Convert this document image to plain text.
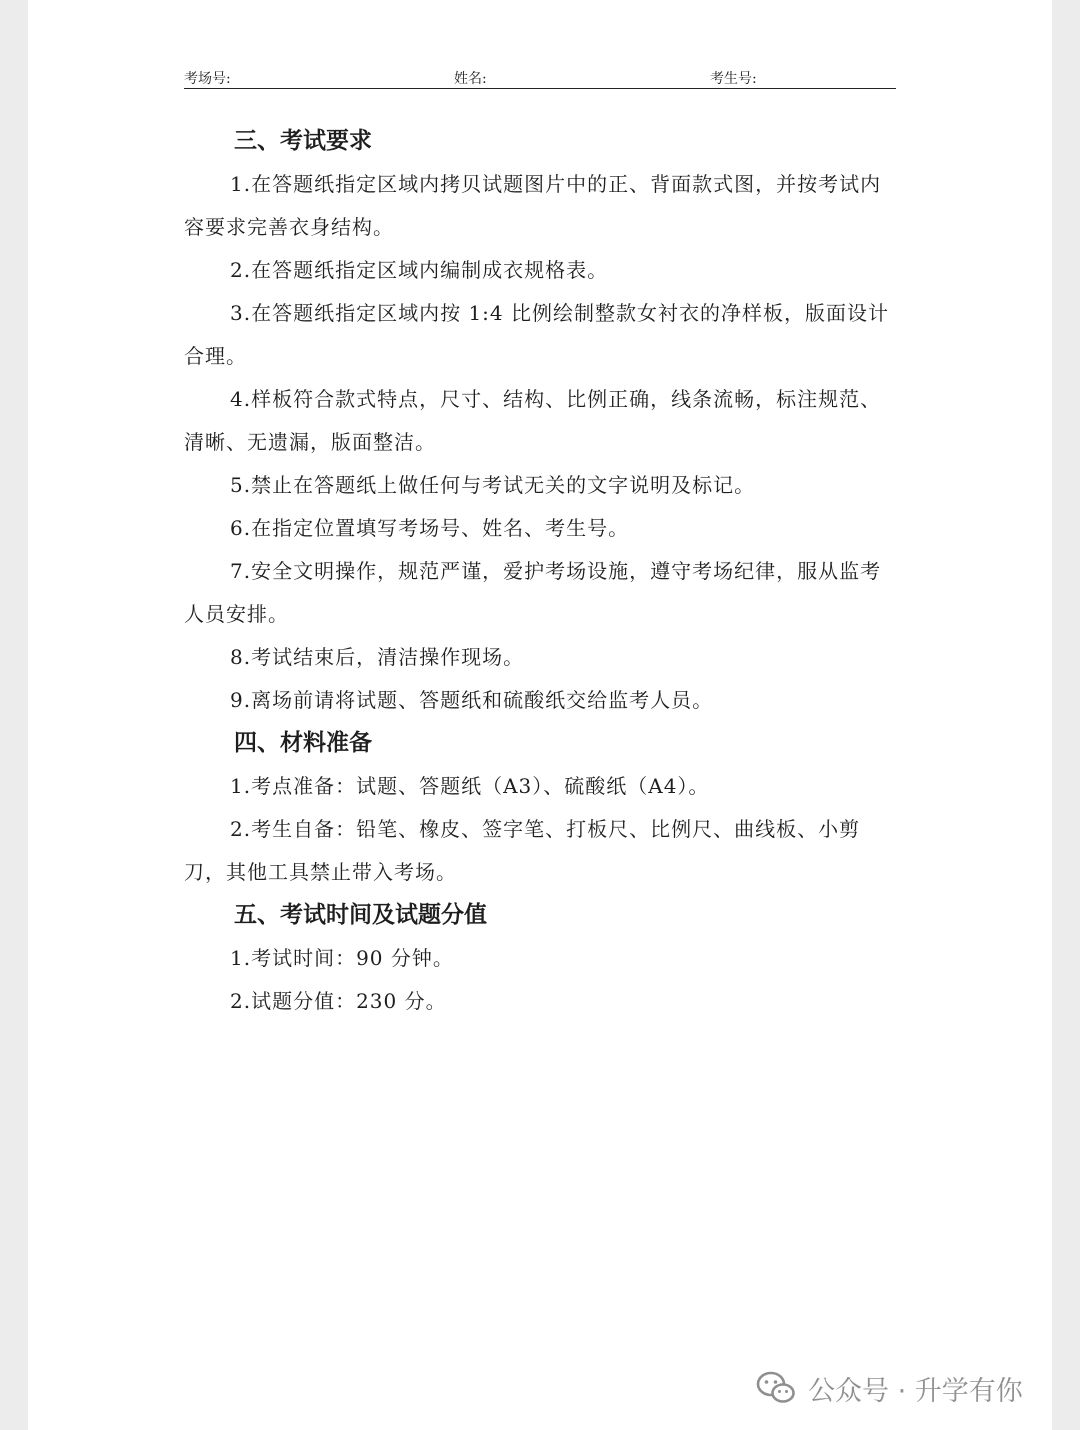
考场号:	姓名:	考生号:
三、考试要求

1.在答题纸指定区域内拷贝试题图片中的正、背面款式图，并按考试内容要求完善衣身结构。

2.在答题纸指定区域内编制成衣规格表。

3.在答题纸指定区域内按 1:4 比例绘制整款女衬衣的净样板，版面设计合理。

4.样板符合款式特点，尺寸、结构、比例正确，线条流畅，标注规范、清晰、无遗漏，版面整洁。

5.禁止在答题纸上做任何与考试无关的文字说明及标记。

6.在指定位置填写考场号、姓名、考生号。

7.安全文明操作，规范严谨，爱护考场设施，遵守考场纪律，服从监考人员安排。

8.考试结束后，清洁操作现场。

9.离场前请将试题、答题纸和硫酸纸交给监考人员。

四、材料准备

1.考点准备：试题、答题纸（A3）、硫酸纸（A4）。

2.考生自备：铅笔、橡皮、签字笔、打板尺、比例尺、曲线板、小剪刀，其他工具禁止带入考场。

五、考试时间及试题分值

1.考试时间：90 分钟。

2.试题分值：230 分。

公众号 · 升学有你
